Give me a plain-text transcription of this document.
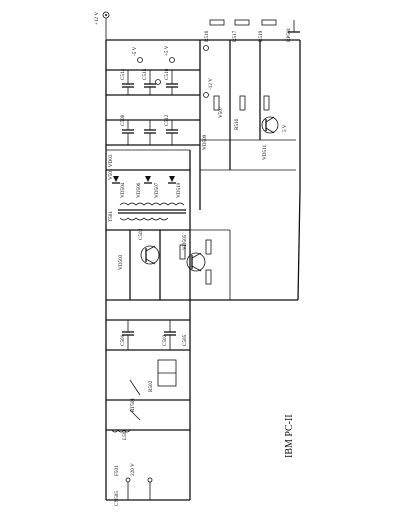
+12 V
VD504 VD506 VD507	VD510
C514	C515	C516
C508	C512
-5 V	+5 V
-12 V
R518	R517	R519	RP501
R516
VD509
VD511
5 V
V507
T501
V501 VD03
VD503
VD505
C503
C501	C502	C505
R502
L501
RT501
F501 220 V
CN505
IBM PC-II
